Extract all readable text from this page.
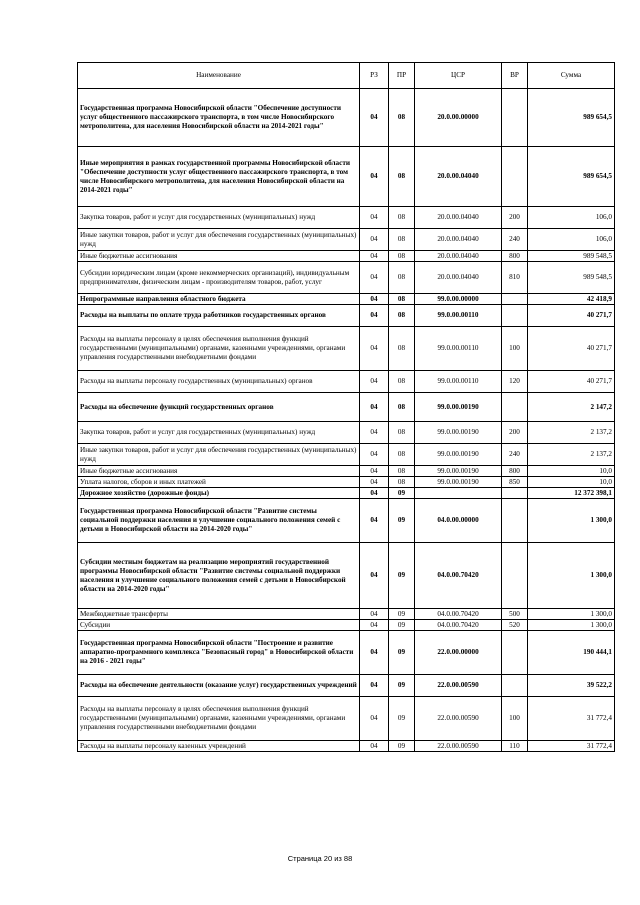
Наименование	РЗ	ПР	ЦСР	ВР	Сумма
Государственная программа Новосибирской области "Обеспечение доступности услуг общественного пассажирского транспорта, в том числе Новосибирского метрополитена, для населения Новосибирской области на 2014-2021 годы"	04	08	20.0.00.00000		989 654,5
Иные мероприятия в рамках государственной программы Новосибирской области "Обеспечение доступности услуг общественного пассажирского транспорта, в том числе Новосибирского метрополитена, для населения Новосибирской области на 2014-2021 годы"	04	08	20.0.00.04040		989 654,5
Закупка товаров, работ и услуг для государственных (муниципальных) нужд	04	08	20.0.00.04040	200	106,0
Иные закупки товаров, работ и услуг для обеспечения государственных (муниципальных) нужд	04	08	20.0.00.04040	240	106,0
Иные бюджетные ассигнования	04	08	20.0.00.04040	800	989 548,5
Субсидии юридическим лицам (кроме некоммерческих организаций), индивидуальным предпринимателям, физическим лицам - производителям товаров, работ, услуг	04	08	20.0.00.04040	810	989 548,5
Непрограммные направления областного бюджета	04	08	99.0.00.00000		42 418,9
Расходы на выплаты по оплате труда работников государственных органов	04	08	99.0.00.00110		40 271,7
Расходы на выплаты персоналу в целях обеспечения выполнения функций государственными (муниципальными) органами, казенными учреждениями, органами управления государственными внебюджетными фондами	04	08	99.0.00.00110	100	40 271,7
Расходы на выплаты персоналу государственных (муниципальных) органов	04	08	99.0.00.00110	120	40 271,7
Расходы на обеспечение функций государственных органов	04	08	99.0.00.00190		2 147,2
Закупка товаров, работ и услуг для государственных (муниципальных) нужд	04	08	99.0.00.00190	200	2 137,2
Иные закупки товаров, работ и услуг для обеспечения государственных (муниципальных) нужд	04	08	99.0.00.00190	240	2 137,2
Иные бюджетные ассигнования	04	08	99.0.00.00190	800	10,0
Уплата налогов, сборов и иных платежей	04	08	99.0.00.00190	850	10,0
Дорожное хозяйство (дорожные фонды)	04	09			12 372 398,1
Государственная программа Новосибирской области "Развитие системы социальной поддержки населения и улучшение социального положения семей с детьми в Новосибирской области на 2014-2020 годы"	04	09	04.0.00.00000		1 300,0
Субсидии местным бюджетам на реализацию мероприятий государственной программы Новосибирской области "Развитие системы социальной поддержки населения и улучшение социального положения семей с детьми в Новосибирской области на 2014-2020 годы"	04	09	04.0.00.70420		1 300,0
Межбюджетные трансферты	04	09	04.0.00.70420	500	1 300,0
Субсидии	04	09	04.0.00.70420	520	1 300,0
Государственная программа Новосибирской области "Построение и развитие аппаратно-программного комплекса "Безопасный город" в Новосибирской области на 2016 - 2021 годы"	04	09	22.0.00.00000		190 444,1
Расходы на обеспечение деятельности (оказание услуг) государственных учреждений	04	09	22.0.00.00590		39 522,2
Расходы на выплаты персоналу в целях обеспечения выполнения функций государственными (муниципальными) органами, казенными учреждениями, органами управления государственными внебюджетными фондами	04	09	22.0.00.00590	100	31 772,4
Расходы на выплаты персоналу казенных учреждений	04	09	22.0.00.00590	110	31 772,4
Страница 20 из 88
